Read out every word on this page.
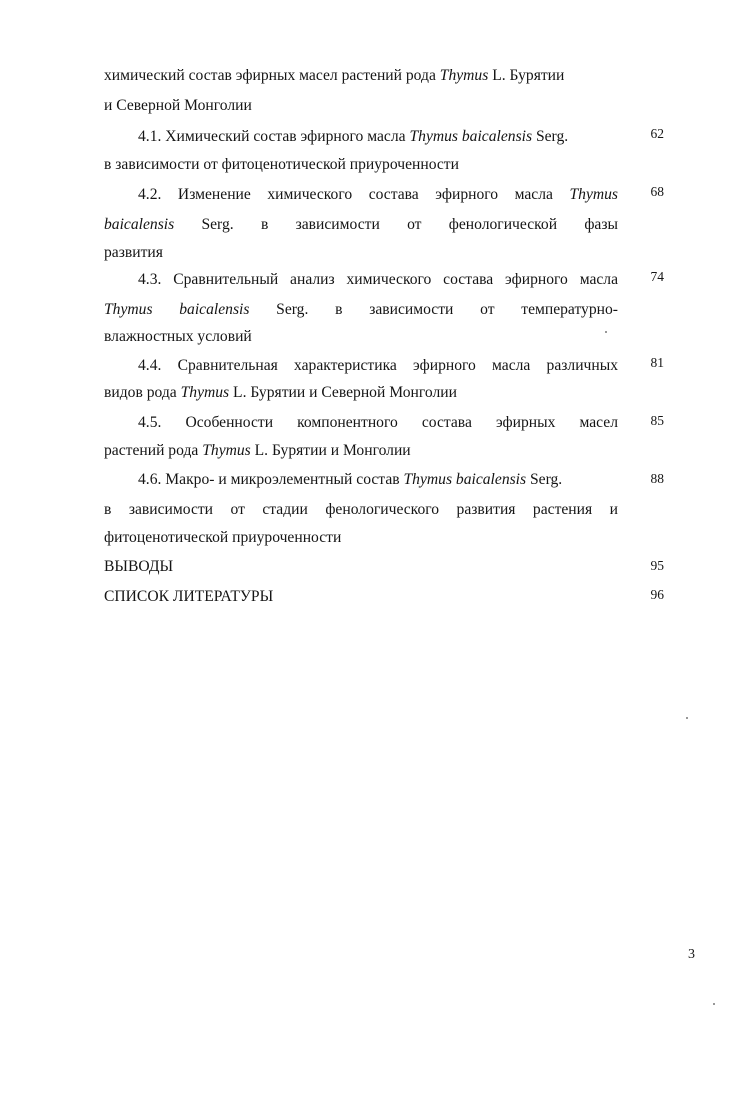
химический состав эфирных масел растений рода Thymus L. Бурятии
и Северной Монголии
4.1. Химический состав эфирного масла Thymus baicalensis Serg.
в зависимости от фитоценотической приуроченности
62
4.2. Изменение химического состава эфирного масла Thymus
baicalensis Serg. в зависимости от фенологической фазы
развития
68
4.3. Сравнительный анализ химического состава эфирного масла
Thymus baicalensis Serg. в зависимости от температурно-
влажностных условий
74
4.4. Сравнительная характеристика эфирного масла различных
видов рода Thymus L. Бурятии и Северной Монголии
81
4.5. Особенности компонентного состава эфирных масел
растений рода Thymus L. Бурятии и Монголии
85
4.6. Макро- и микроэлементный состав Thymus baicalensis Serg.
в зависимости от стадии фенологического развития растения и
фитоценотической приуроченности
88
ВЫВОДЫ	95
СПИСОК ЛИТЕРАТУРЫ	96
3
